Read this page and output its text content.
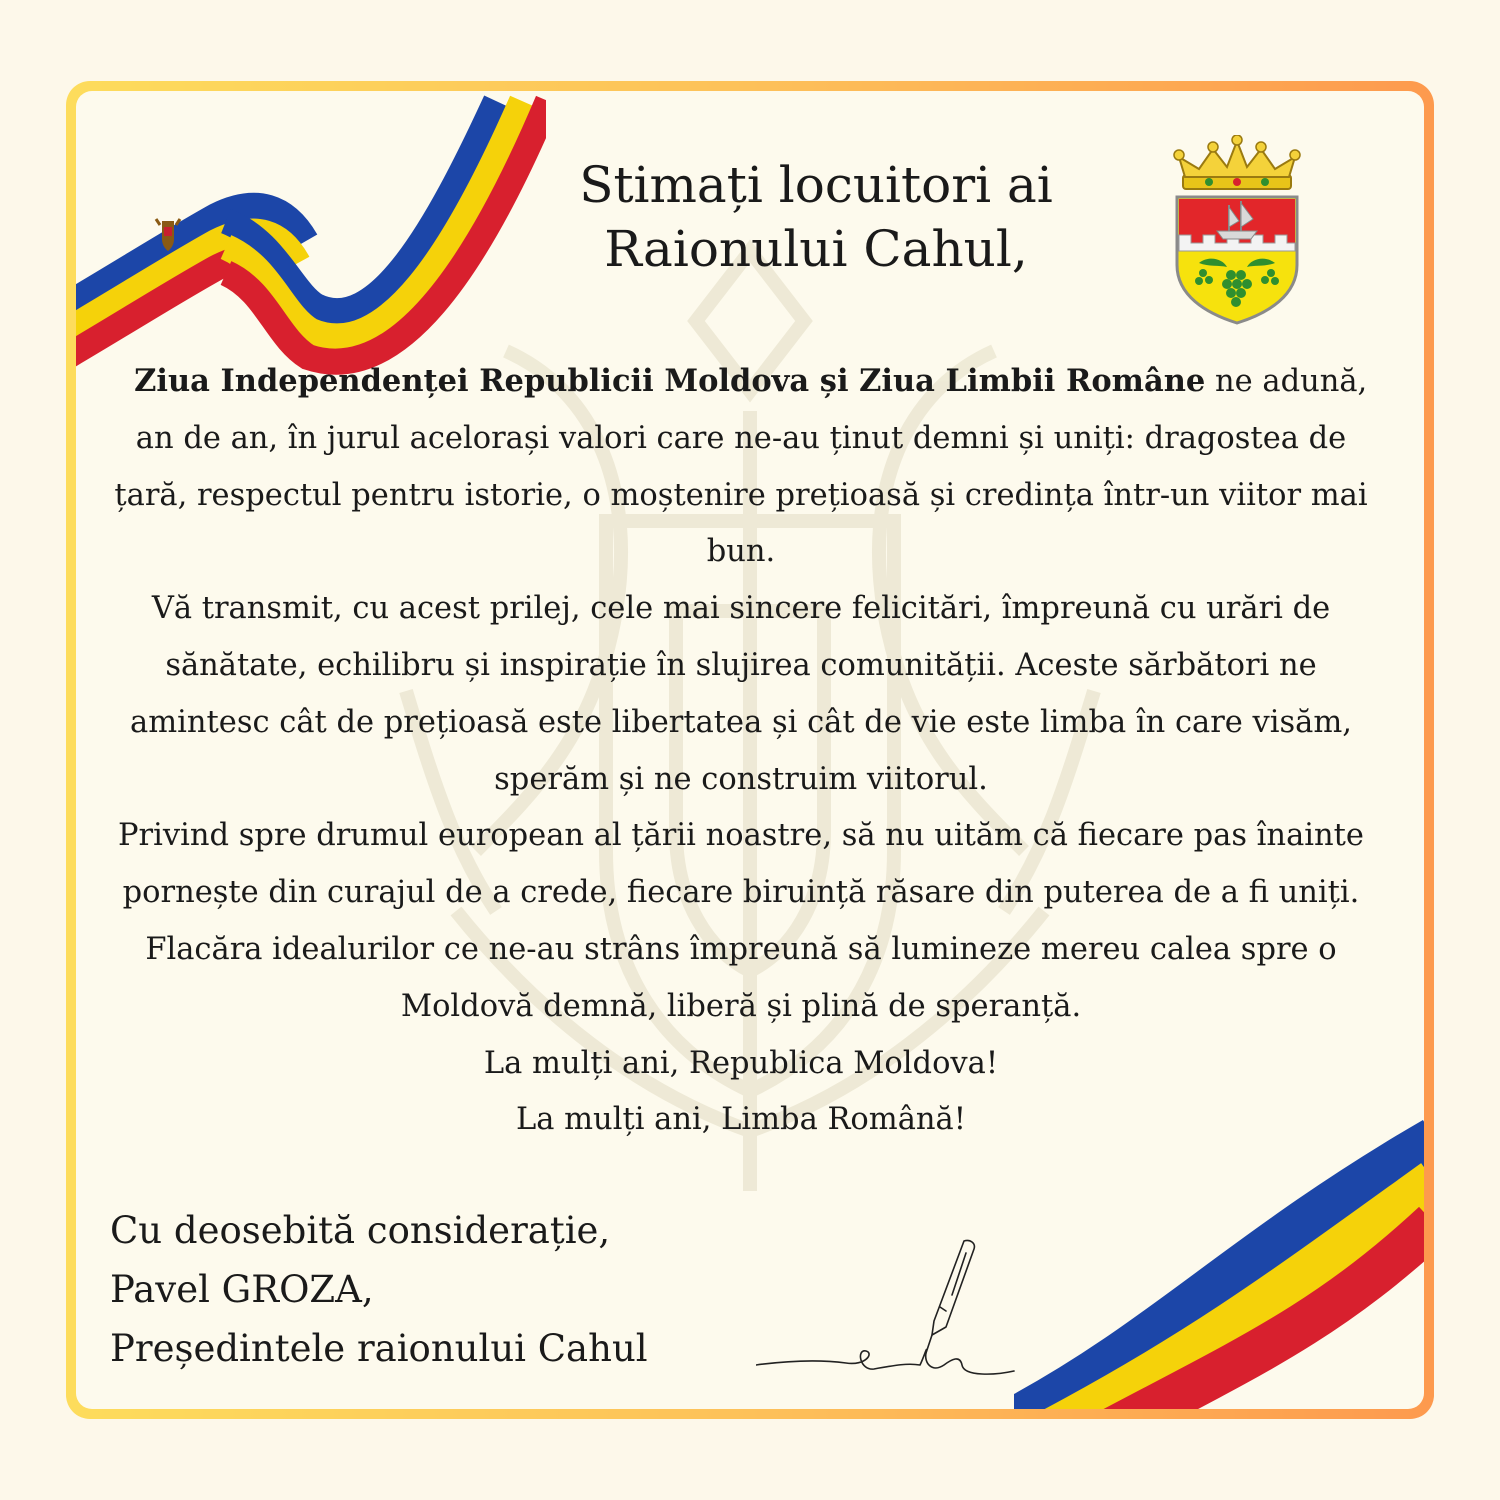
Stimați locuitori ai
Raionului Cahul,

Ziua Independenței Republicii Moldova și Ziua Limbii Române ne adună, an de an, în jurul acelorași valori care ne-au ținut demni și uniți: dragostea de țară, respectul pentru istorie, o moștenire prețioasă și credința într-un viitor mai bun.

Vă transmit, cu acest prilej, cele mai sincere felicitări, împreună cu urări de sănătate, echilibru și inspirație în slujirea comunității. Aceste sărbători ne amintesc cât de prețioasă este libertatea și cât de vie este limba în care visăm, sperăm și ne construim viitorul.

Privind spre drumul european al țării noastre, să nu uităm că fiecare pas înainte pornește din curajul de a crede, fiecare biruință răsare din puterea de a fi uniți. Flacăra idealurilor ce ne-au strâns împreună să lumineze mereu calea spre o Moldovă demnă, liberă și plină de speranță.

La mulți ani, Republica Moldova!

La mulți ani, Limba Română!

Cu deosebită considerație,
Pavel GROZA,
Președintele raionului Cahul
